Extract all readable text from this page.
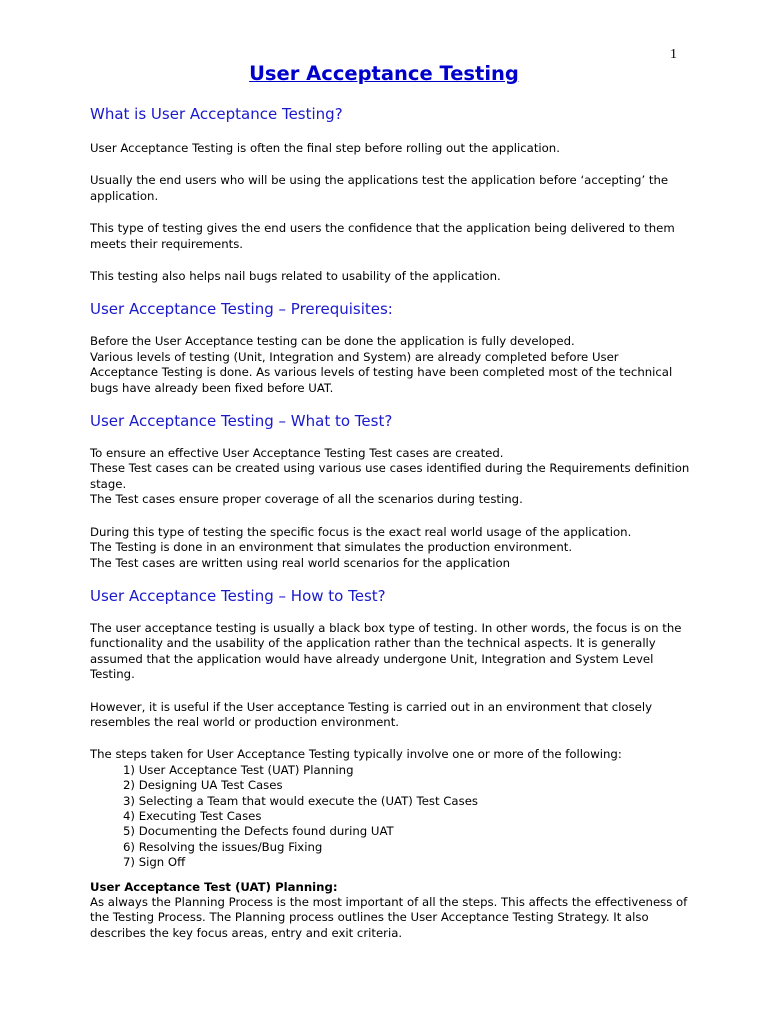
1
User Acceptance Testing
What is User Acceptance Testing?

User Acceptance Testing is often the final step before rolling out the application.

Usually the end users who will be using the applications test the application before ‘accepting’ the application.

This type of testing gives the end users the confidence that the application being delivered to them meets their requirements.

This testing also helps nail bugs related to usability of the application.

User Acceptance Testing – Prerequisites:

Before the User Acceptance testing can be done the application is fully developed.
Various levels of testing (Unit, Integration and System) are already completed before User Acceptance Testing is done. As various levels of testing have been completed most of the technical bugs have already been fixed before UAT.

User Acceptance Testing – What to Test?

To ensure an effective User Acceptance Testing Test cases are created.
These Test cases can be created using various use cases identified during the Requirements definition stage.
The Test cases ensure proper coverage of all the scenarios during testing.

During this type of testing the specific focus is the exact real world usage of the application.
The Testing is done in an environment that simulates the production environment.
The Test cases are written using real world scenarios for the application

User Acceptance Testing – How to Test?

The user acceptance testing is usually a black box type of testing. In other words, the focus is on the functionality and the usability of the application rather than the technical aspects. It is generally assumed that the application would have already undergone Unit, Integration and System Level Testing.

However, it is useful if the User acceptance Testing is carried out in an environment that closely resembles the real world or production environment.

The steps taken for User Acceptance Testing typically involve one or more of the following:

1) User Acceptance Test (UAT) Planning
2) Designing UA Test Cases
3) Selecting a Team that would execute the (UAT) Test Cases
4) Executing Test Cases
5) Documenting the Defects found during UAT
6) Resolving the issues/Bug Fixing
7) Sign Off

User Acceptance Test (UAT) Planning:

As always the Planning Process is the most important of all the steps. This affects the effectiveness of the Testing Process. The Planning process outlines the User Acceptance Testing Strategy. It also describes the key focus areas, entry and exit criteria.
